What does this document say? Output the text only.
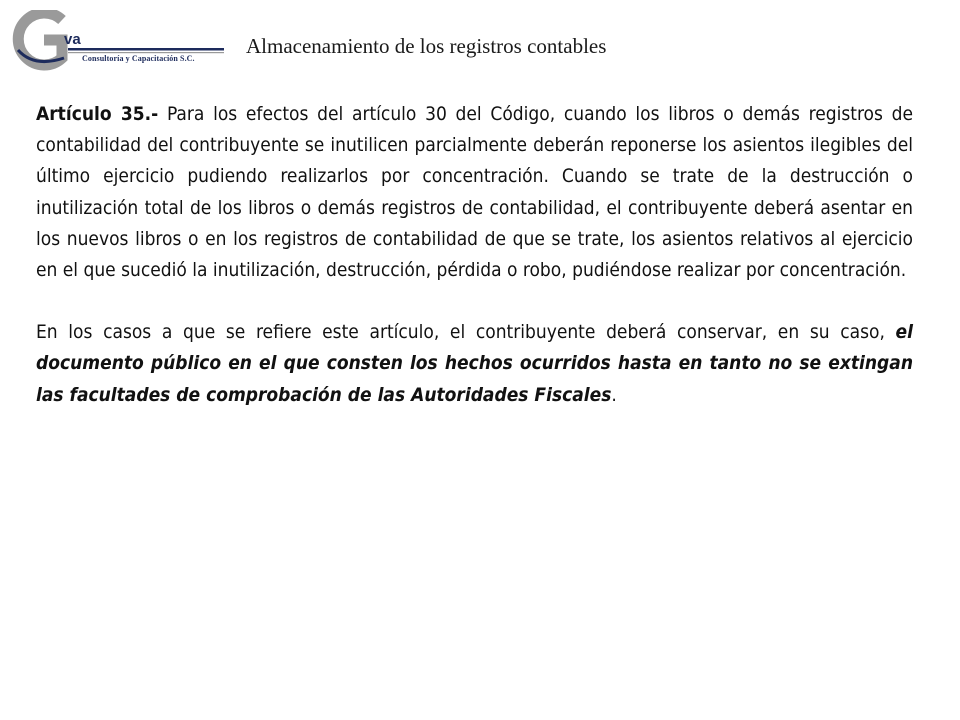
va
Consultoría y Capacitación S.C.
Almacenamiento de los registros contables

Artículo 35.- Para los efectos del artículo 30 del Código, cuando los libros o demás registros de contabilidad del contribuyente se inutilicen parcialmente deberán reponerse los asientos ilegibles del último ejercicio pudiendo realizarlos por concentración. Cuando se trate de la destrucción o inutilización total de los libros o demás registros de contabilidad, el contribuyente deberá asentar en los nuevos libros o en los registros de contabilidad de que se trate, los asientos relativos al ejercicio en el que sucedió la inutilización, destrucción, pérdida o robo, pudiéndose realizar por concentración.

En los casos a que se refiere este artículo, el contribuyente deberá conservar, en su caso, el documento público en el que consten los hechos ocurridos hasta en tanto no se extingan las facultades de comprobación de las Autoridades Fiscales.
